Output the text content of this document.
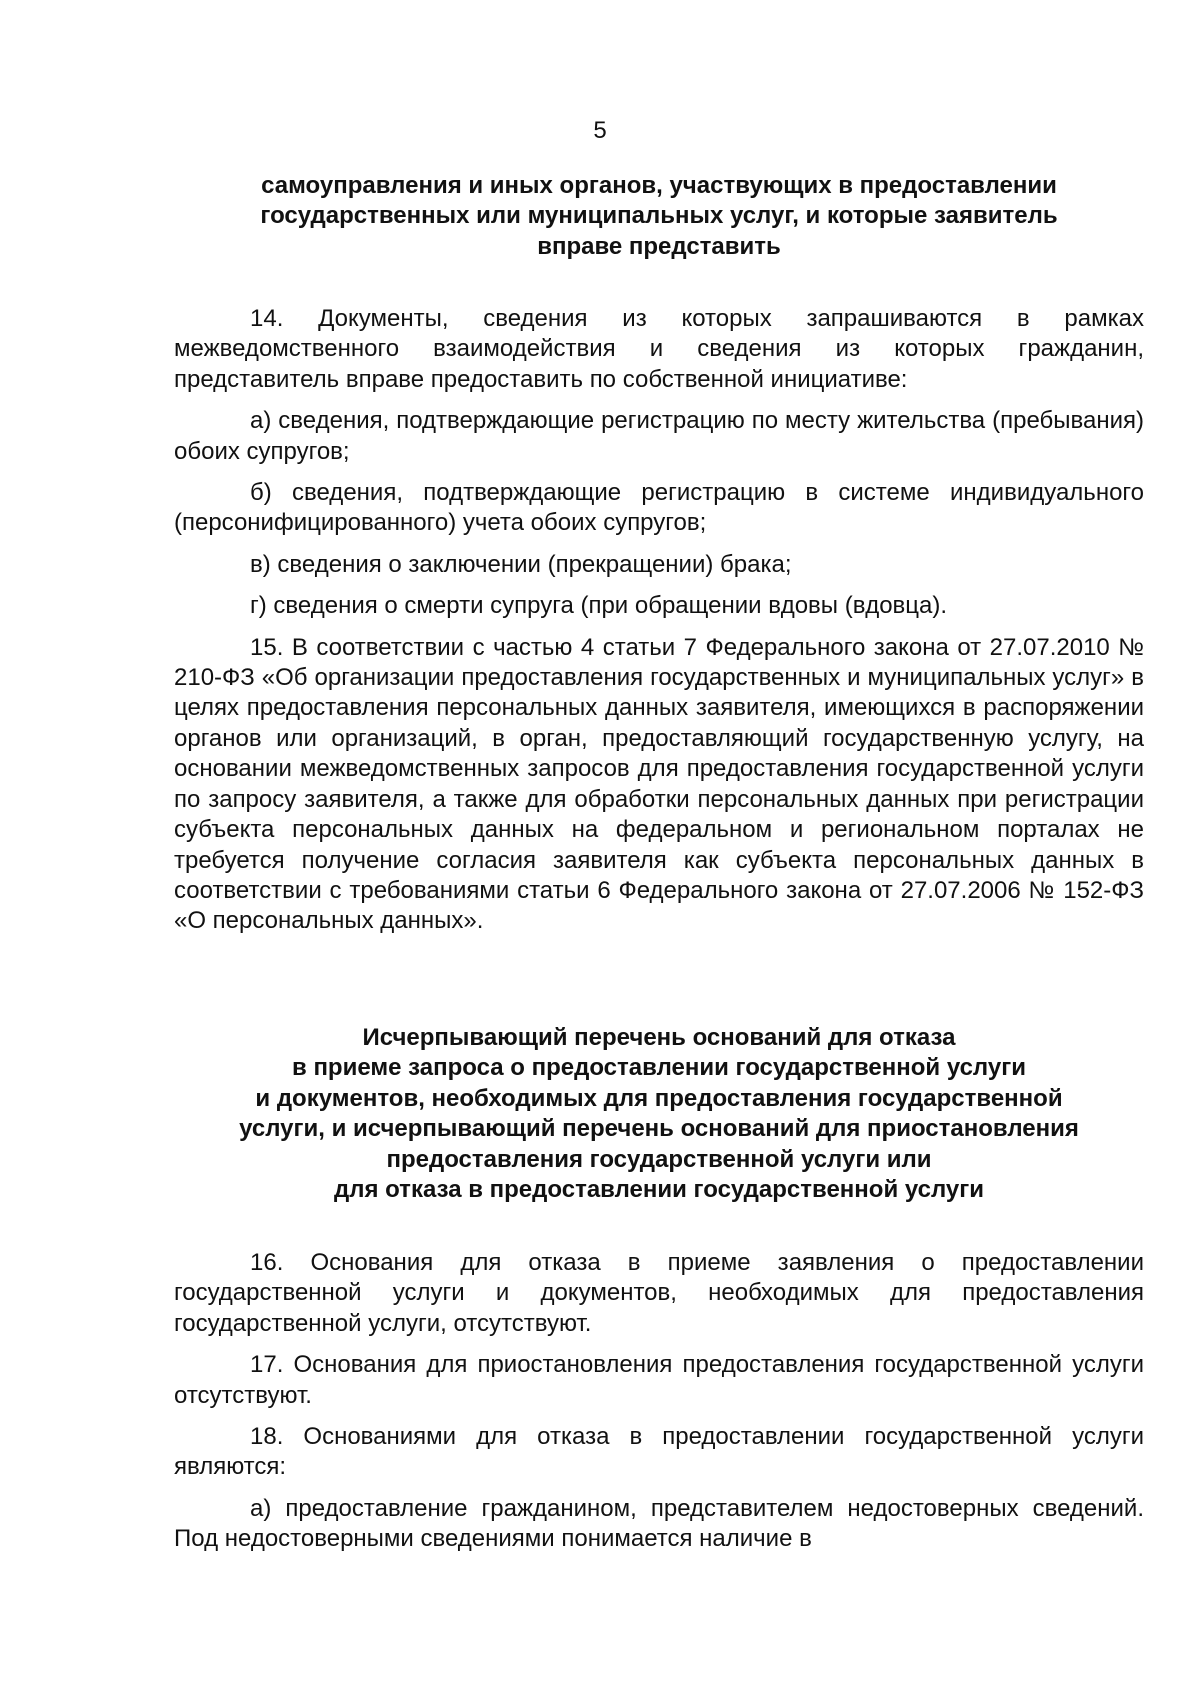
5
самоуправления и иных органов, участвующих в предоставлении
государственных или муниципальных услуг, и которые заявитель
вправе представить

14. Документы, сведения из которых запрашиваются в рамках межведомственного взаимодействия и сведения из которых гражданин, представитель вправе предоставить по собственной инициативе:

а) сведения, подтверждающие регистрацию по месту жительства (пребывания) обоих супругов;

б) сведения, подтверждающие регистрацию в системе индивидуального (персонифицированного) учета обоих супругов;

в) сведения о заключении (прекращении) брака;

г) сведения о смерти супруга (при обращении вдовы (вдовца).

15. В соответствии с частью 4 статьи 7 Федерального закона от 27.07.2010 № 210-ФЗ «Об организации предоставления государственных и муниципальных услуг» в целях предоставления персональных данных заявителя, имеющихся в распоряжении органов или организаций, в орган, предоставляющий государственную услугу, на основании межведомственных запросов для предоставления государственной услуги по запросу заявителя, а также для обработки персональных данных при регистрации субъекта персональных данных на федеральном и региональном порталах не требуется получение согласия заявителя как субъекта персональных данных в соответствии с требованиями статьи 6 Федерального закона от 27.07.2006 № 152-ФЗ «О персональных данных».

Исчерпывающий перечень оснований для отказа
в приеме запроса о предоставлении государственной услуги
и документов, необходимых для предоставления государственной
услуги, и исчерпывающий перечень оснований для приостановления
предоставления государственной услуги или
для отказа в предоставлении государственной услуги

16. Основания для отказа в приеме заявления о предоставлении государственной услуги и документов, необходимых для предоставления государственной услуги, отсутствуют.

17. Основания для приостановления предоставления государственной услуги отсутствуют.

18. Основаниями для отказа в предоставлении государственной услуги являются:

а) предоставление гражданином, представителем недостоверных сведений. Под недостоверными сведениями понимается наличие в
